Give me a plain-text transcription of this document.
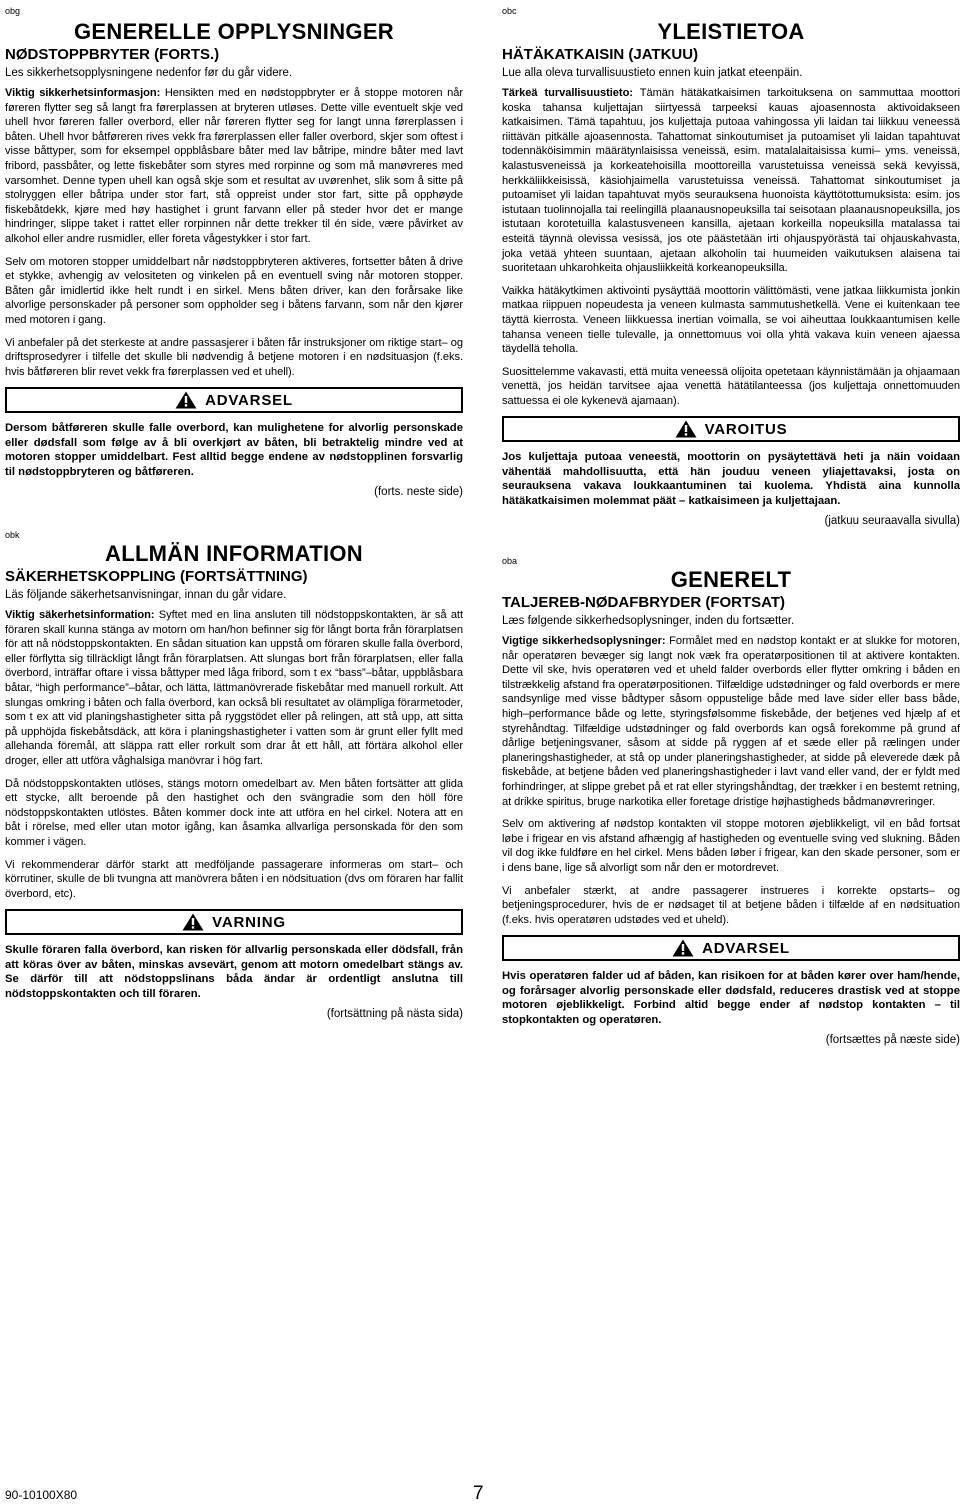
obg
GENERELLE OPPLYSNINGER
NØDSTOPPBRYTER (FORTS.)
Les sikkerhetsopplysningene nedenfor før du går videre.

Viktig sikkerhetsinformasjon: Hensikten med en nødstoppbryter er å stoppe motoren når føreren flytter seg så langt fra førerplassen at bryteren utløses. Dette ville eventuelt skje ved uhell hvor føreren faller overbord, eller når føreren flytter seg for langt unna førerplassen i båten. Uhell hvor båtføreren rives vekk fra førerplassen eller faller overbord, skjer som oftest i visse båttyper, som for eksempel oppblåsbare båter med lav båtripe, mindre båter med lavt fribord, passbåter, og lette fiskebåter som styres med rorpinne og som må manøvreres med varsomhet. Denne typen uhell kan også skje som et resultat av uvørenhet, slik som å sitte på stolryggen eller båtripa under stor fart, stå oppreist under stor fart, sitte på opphøyde fiskebåtdekk, kjøre med høy hastighet i grunt farvann eller på steder hvor det er mange hindringer, slippe taket i rattet eller rorpinnen når dette trekker til én side, være påvirket av alkohol eller andre rusmidler, eller foreta vågestykker i stor fart.

Selv om motoren stopper umiddelbart når nødstoppbryteren aktiveres, fortsetter båten å drive et stykke, avhengig av velositeten og vinkelen på en eventuell sving når motoren stopper. Båten går imidlertid ikke helt rundt i en sirkel. Mens båten driver, kan den forårsake like alvorlige personskader på personer som oppholder seg i båtens farvann, som når den kjører med motoren i gang.

Vi anbefaler på det sterkeste at andre passasjerer i båten får instruksjoner om riktige start– og driftsprosedyrer i tilfelle det skulle bli nødvendig å betjene motoren i en nødsituasjon (f.eks. hvis båtføreren blir revet vekk fra førerplassen ved et uhell).

ADVARSEL

Dersom båtføreren skulle falle overbord, kan mulighetene for alvorlig personskade eller dødsfall som følge av å bli overkjørt av båten, bli betraktelig mindre ved at motoren stopper umiddelbart. Fest alltid begge endene av nødstopplinen forsvarlig til nødstoppbryteren og båtføreren.

(forts. neste side)
obk
ALLMÄN INFORMATION
SÄKERHETSKOPPLING (FORTSÄTTNING)
Läs följande säkerhetsanvisningar, innan du går vidare.

Viktig säkerhetsinformation: Syftet med en lina ansluten till nödstoppskontakten, är så att föraren skall kunna stänga av motorn om han/hon befinner sig för långt borta från förarplatsen för att nå nödstoppskontakten. En sådan situation kan uppstå om föraren skulle falla överbord, eller förflytta sig tillräckligt långt från förarplatsen. Att slungas bort från förarplatsen, eller falla överbord, inträffar oftare i vissa båttyper med låga fribord, som t ex “bass”–båtar, uppblåsbara båtar, “high performance”–båtar, och lätta, lättmanövrerade fiskebåtar med manuell rorkult. Att slungas omkring i båten och falla överbord, kan också bli resultatet av olämpliga förarmetoder, som t ex att vid planingshastigheter sitta på ryggstödet eller på relingen, att stå upp, att sitta på upphöjda fiskebåtsdäck, att köra i planingshastigheter i vatten som är grunt eller fyllt med allehanda föremål, att släppa ratt eller rorkult som drar åt ett håll, att förtära alkohol eller droger, eller att utföra våghalsiga manövrar i hög fart.

Då nödstoppskontakten utlöses, stängs motorn omedelbart av. Men båten fortsätter att glida ett stycke, allt beroende på den hastighet och den svängradie som den höll före nödstoppskontakten utlöstes. Båten kommer dock inte att utföra en hel cirkel. Notera att en båt i rörelse, med eller utan motor igång, kan åsamka allvarliga personskada för den som kommer i vägen.

Vi rekommenderar därför starkt att medföljande passagerare informeras om start– och körrutiner, skulle de bli tvungna att manövrera båten i en nödsituation (dvs om föraren har fallit överbord, etc).

VARNING

Skulle föraren falla överbord, kan risken för allvarlig personskada eller dödsfall, från att köras över av båten, minskas avsevärt, genom att motorn omedelbart stängs av. Se därför till att nödstoppslinans båda ändar är ordentligt anslutna till nödstoppskontakten och till föraren.

(fortsättning på nästa sida)
obc
YLEISTIETOA
HÄTÄKATKAISIN (JATKUU)
Lue alla oleva turvallisuustieto ennen kuin jatkat eteenpäin.

Tärkeä turvallisuustieto: Tämän hätäkatkaisimen tarkoituksena on sammuttaa moottori koska tahansa kuljettajan siirtyessä tarpeeksi kauas ajoasennosta aktivoidakseen katkaisimen. Tämä tapahtuu, jos kuljettaja putoaa vahingossa yli laidan tai liikkuu veneessä riittävän pitkälle ajoasennosta. Tahattomat sinkoutumiset ja putoamiset yli laidan tapahtuvat todennäköisimmin määrätynlaisissa veneissä, esim. matalalaitaisissa kumi– yms. veneissä, kalastusveneissä ja korkeatehoisilla moottoreilla varustetuissa veneissä sekä kevyissä, herkkäliikkeisissä, käsiohjaimella varustetuissa veneissä. Tahattomat sinkoutumiset ja putoamiset yli laidan tapahtuvat myös seurauksena huonoista käyttötottumuksista: esim. jos istutaan tuolinnojalla tai reelingillä plaanausnopeuksilla tai seisotaan plaanausnopeuksilla, jos istutaan korotetuilla kalastusveneen kansilla, ajetaan korkeilla nopeuksilla matalassa tai esteitä täynnä olevissa vesissä, jos ote päästetään irti ohjauspyörästä tai ohjauskahvasta, joka vetää yhteen suuntaan, ajetaan alkoholin tai huumeiden vaikutuksen alaisena tai suoritetaan uhkarohkeita ohjausliikkeitä korkeanopeuksilla.

Vaikka hätäkytkimen aktivointi pysäyttää moottorin välittömästi, vene jatkaa liikkumista jonkin matkaa riippuen nopeudesta ja veneen kulmasta sammutushetkellä. Vene ei kuitenkaan tee täyttä kierrosta. Veneen liikkuessa inertian voimalla, se voi aiheuttaa loukkaantumisen kelle tahansa veneen tielle tulevalle, ja onnettomuus voi olla yhtä vakava kuin veneen ajaessa täydellä teholla.

Suosittelemme vakavasti, että muita veneessä olijoita opetetaan käynnistämään ja ohjaamaan venettä, jos heidän tarvitsee ajaa venettä hätätilanteessa (jos kuljettaja onnettomuuden sattuessa ei ole kykenevä ajamaan).

VAROITUS

Jos kuljettaja putoaa veneestä, moottorin on pysäytettävä heti ja näin voidaan vähentää mahdollisuutta, että hän jouduu veneen yliajettavaksi, josta on seurauksena vakava loukkaantuminen tai kuolema. Yhdistä aina kunnolla hätäkatkaisimen molemmat päät – katkaisimeen ja kuljettajaan.

(jatkuu seuraavalla sivulla)
oba
GENERELT
TALJEREB-NØDAFBRYDER (FORTSAT)
Læs følgende sikkerhedsoplysninger, inden du fortsætter.

Vigtige sikkerhedsoplysninger: Formålet med en nødstop kontakt er at slukke for motoren, når operatøren bevæger sig langt nok væk fra operatørpositionen til at aktivere kontakten. Dette vil ske, hvis operatøren ved et uheld falder overbords eller flytter omkring i båden en tilstrækkelig afstand fra operatørpositionen. Tilfældige udstødninger og fald overbords er mere sandsynlige med visse bådtyper såsom oppustelige både med lave sider eller bass både, high–performance både og lette, styringsfølsomme fiskebåde, der betjenes ved hjælp af et styrehåndtag. Tilfældige udstødninger og fald overbords kan også forekomme på grund af dårlige betjeningsvaner, såsom at sidde på ryggen af et sæde eller på rælingen under planeringshastigheder, at stå op under planeringshastigheder, at sidde på eleverede dæk på fiskebåde, at betjene båden ved planeringshastigheder i lavt vand eller vand, der er fyldt med forhindringer, at slippe grebet på et rat eller styringshåndtag, der trækker i en bestemt retning, at drikke spiritus, bruge narkotika eller foretage dristige højhastigheds bådmanøvreringer.

Selv om aktivering af nødstop kontakten vil stoppe motoren øjeblikkeligt, vil en båd fortsat løbe i frigear en vis afstand afhængig af hastigheden og eventuelle sving ved slukning. Båden vil dog ikke fuldføre en hel cirkel. Mens båden løber i frigear, kan den skade personer, som er i dens bane, lige så alvorligt som når den er motordrevet.

Vi anbefaler stærkt, at andre passagerer instrueres i korrekte opstarts– og betjeningsprocedurer, hvis de er nødsaget til at betjene båden i tilfælde af en nødsituation (f.eks. hvis operatøren udstødes ved et uheld).

ADVARSEL

Hvis operatøren falder ud af båden, kan risikoen for at båden kører over ham/hende, og forårsager alvorlig personskade eller dødsfald, reduceres drastisk ved at stoppe motoren øjeblikkeligt. Forbind altid begge ender af nødstop kontakten – til stopkontakten og operatøren.

(fortsættes på næste side)
90-10100X80	7
